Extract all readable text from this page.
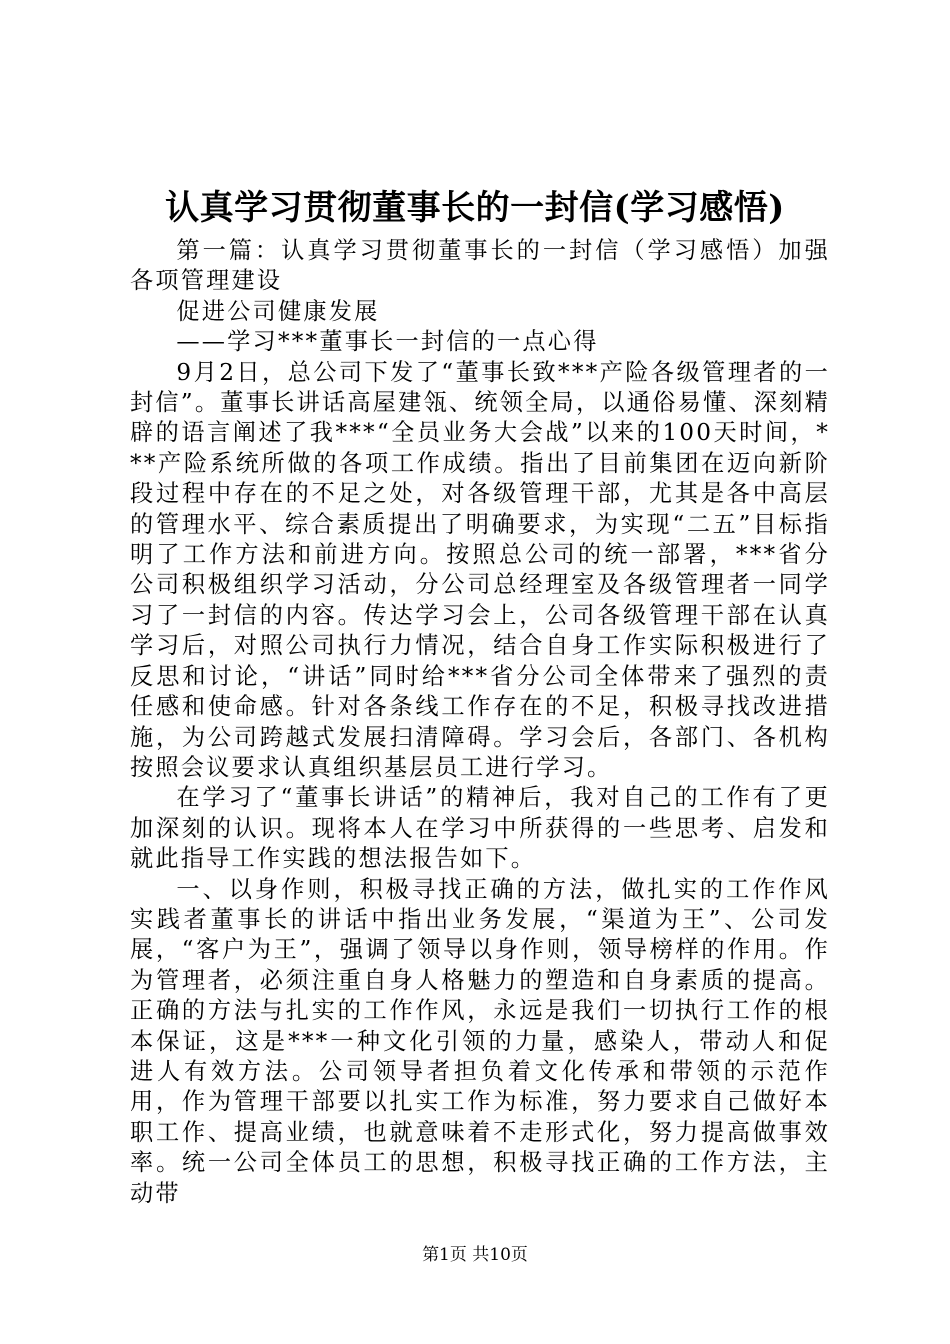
认真学习贯彻董事长的一封信(学习感悟)

第一篇：认真学习贯彻董事长的一封信（学习感悟）加强各项管理建设

促进公司健康发展

——学习***董事长一封信的一点心得

9月2日，总公司下发了“董事长致***产险各级管理者的一封信”。董事长讲话高屋建瓴、统领全局，以通俗易懂、深刻精辟的语言阐述了我***“全员业务大会战”以来的100天时间，***产险系统所做的各项工作成绩。指出了目前集团在迈向新阶段过程中存在的不足之处，对各级管理干部，尤其是各中高层的管理水平、综合素质提出了明确要求，为实现“二五”目标指明了工作方法和前进方向。按照总公司的统一部署，***省分公司积极组织学习活动，分公司总经理室及各级管理者一同学习了一封信的内容。传达学习会上，公司各级管理干部在认真学习后，对照公司执行力情况，结合自身工作实际积极进行了反思和讨论，“讲话”同时给***省分公司全体带来了强烈的责任感和使命感。针对各条线工作存在的不足，积极寻找改进措施，为公司跨越式发展扫清障碍。学习会后，各部门、各机构按照会议要求认真组织基层员工进行学习。

在学习了“董事长讲话”的精神后，我对自己的工作有了更加深刻的认识。现将本人在学习中所获得的一些思考、启发和就此指导工作实践的想法报告如下。

一、以身作则，积极寻找正确的方法，做扎实的工作作风实践者董事长的讲话中指出业务发展，“渠道为王”、公司发展，“客户为王”，强调了领导以身作则，领导榜样的作用。作为管理者，必须注重自身人格魅力的塑造和自身素质的提高。正确的方法与扎实的工作作风，永远是我们一切执行工作的根本保证，这是***一种文化引领的力量，感染人，带动人和促进人有效方法。公司领导者担负着文化传承和带领的示范作用，作为管理干部要以扎实工作为标准，努力要求自己做好本职工作、提高业绩，也就意味着不走形式化，努力提高做事效率。统一公司全体员工的思想，积极寻找正确的工作方法，主动带

第1页 共10页
